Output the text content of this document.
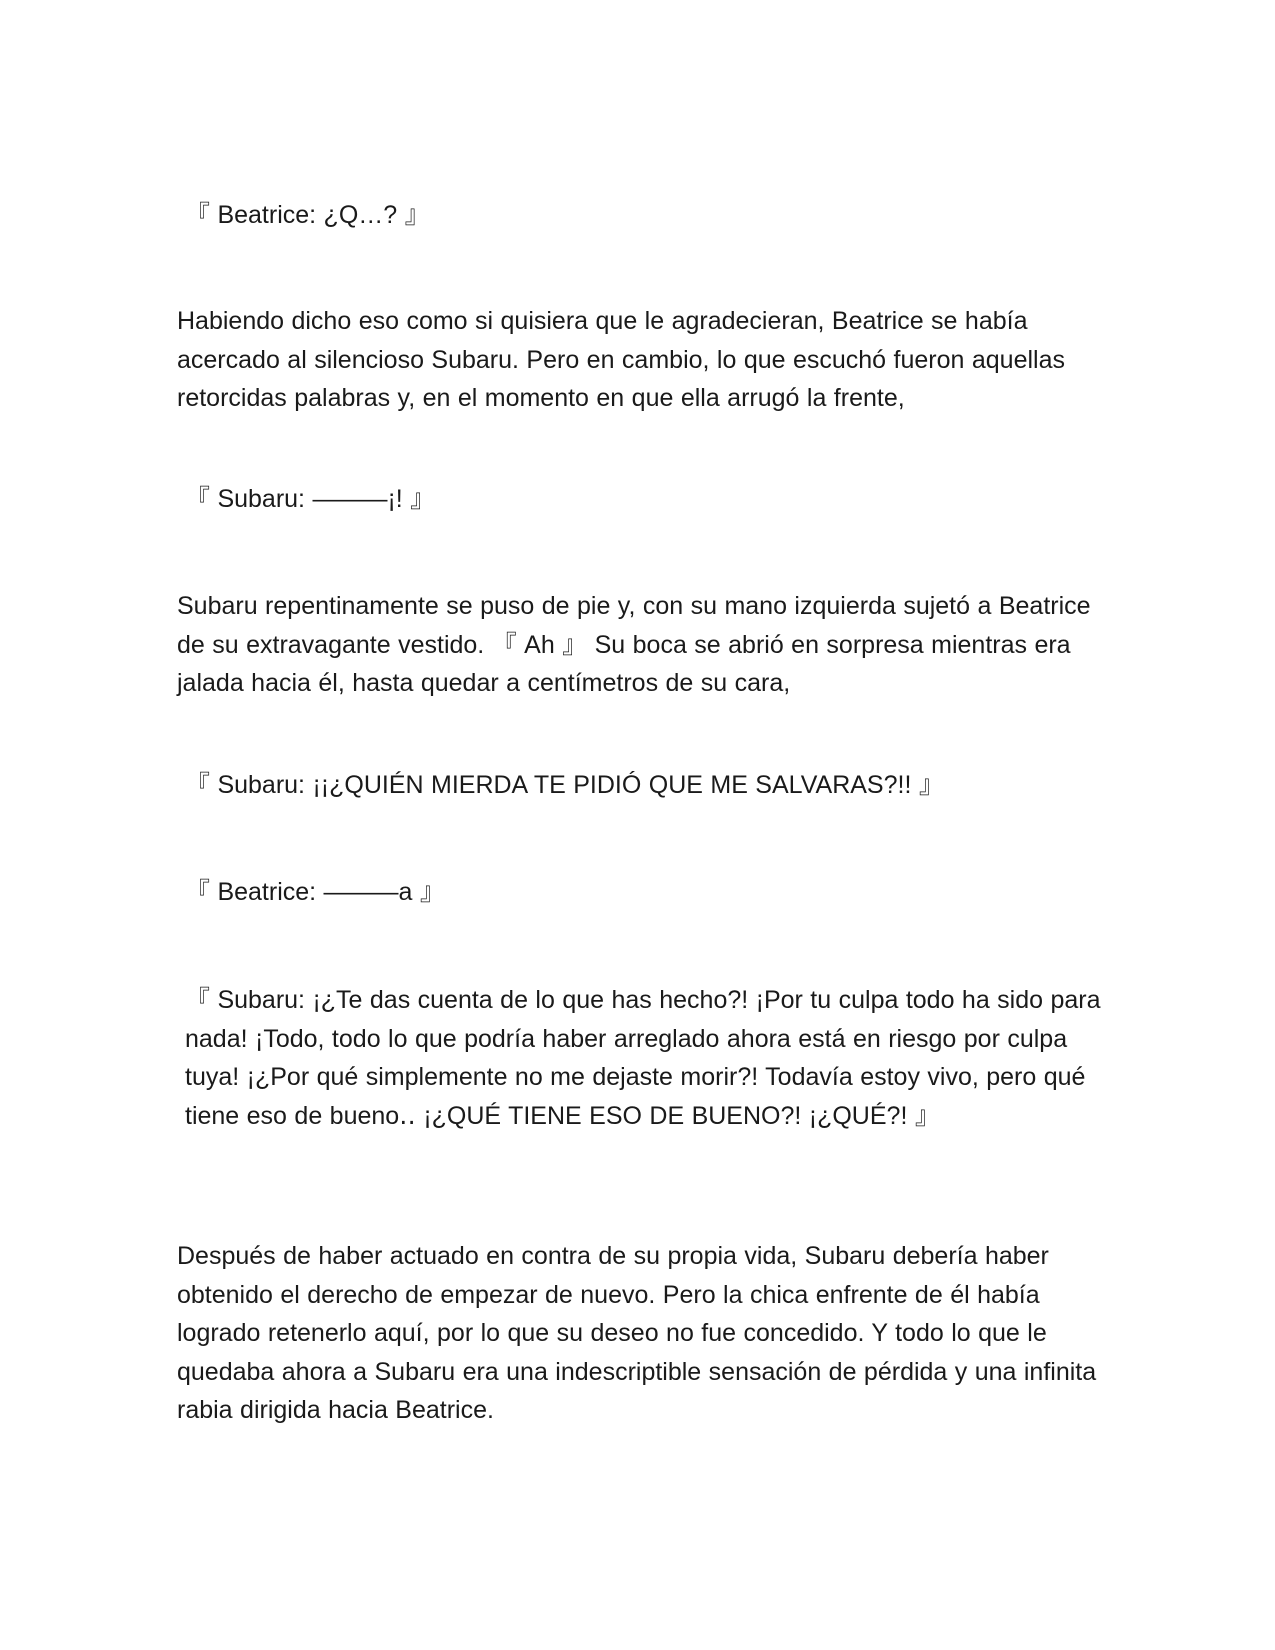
『 Beatrice: ¿Q…? 』

Habiendo dicho eso como si quisiera que le agradecieran, Beatrice se había acercado al silencioso Subaru. Pero en cambio, lo que escuchó fueron aquellas retorcidas palabras y, en el momento en que ella arrugó la frente,

『 Subaru: ———¡! 』

Subaru repentinamente se puso de pie y, con su mano izquierda sujetó a Beatrice de su extravagante vestido. 『 Ah 』 Su boca se abrió en sorpresa mientras era jalada hacia él, hasta quedar a centímetros de su cara,

『 Subaru: ¡¡¿QUIÉN MIERDA TE PIDIÓ QUE ME SALVARAS?!! 』

『 Beatrice: ———a 』

『 Subaru: ¡¿Te das cuenta de lo que has hecho?! ¡Por tu culpa todo ha sido para nada! ¡Todo, todo lo que podría haber arreglado ahora está en riesgo por culpa tuya! ¡¿Por qué simplemente no me dejaste morir?! Todavía estoy vivo, pero qué tiene eso de bueno‥ ¡¿QUÉ TIENE ESO DE BUENO?! ¡¿QUÉ?! 』

Después de haber actuado en contra de su propia vida, Subaru debería haber obtenido el derecho de empezar de nuevo. Pero la chica enfrente de él había logrado retenerlo aquí, por lo que su deseo no fue concedido. Y todo lo que le quedaba ahora a Subaru era una indescriptible sensación de pérdida y una infinita rabia dirigida hacia Beatrice.
